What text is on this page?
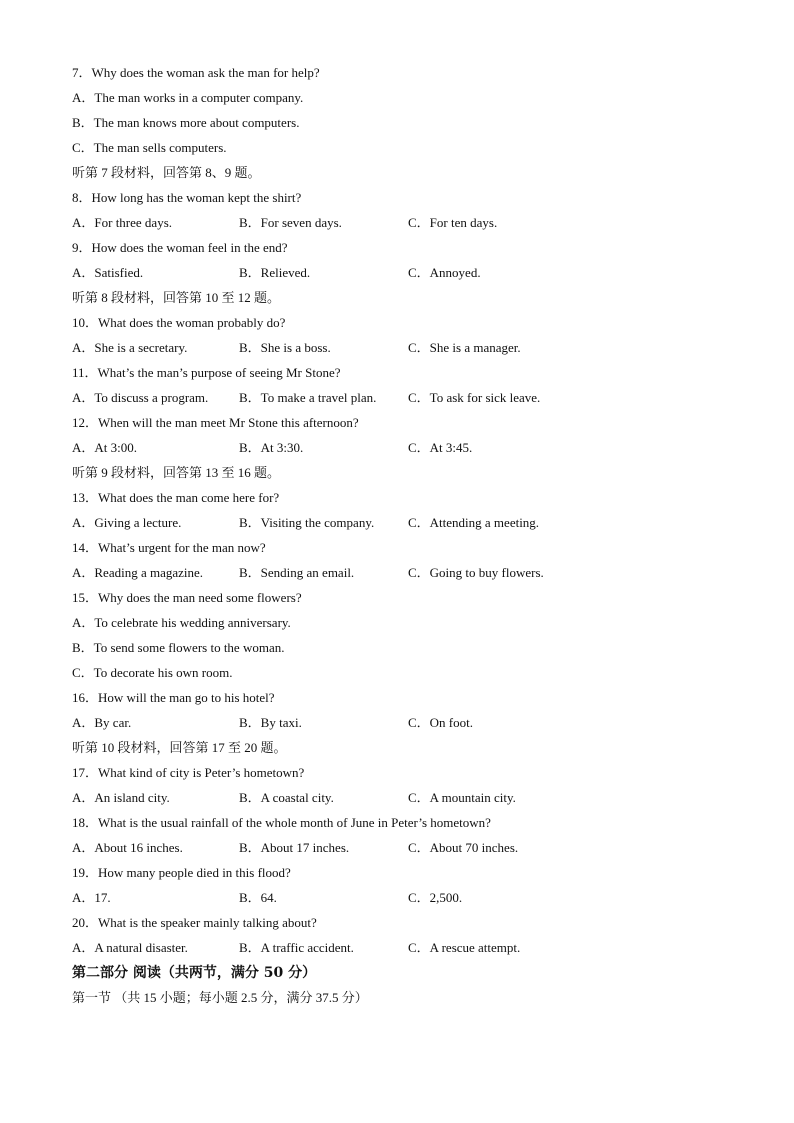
7．Why does the woman ask the man for help?
A．The man works in a computer company.
B．The man knows more about computers.
C．The man sells computers.
听第 7 段材料，回答第 8、9 题。
8．How long has the woman kept the shirt?
A．For three days.	B．For seven days.	C．For ten days.
9．How does the woman feel in the end?
A．Satisfied.	B．Relieved.	C．Annoyed.
听第 8 段材料，回答第 10 至 12 题。
10．What does the woman probably do?
A．She is a secretary.	B．She is a boss.	C．She is a manager.
11．What’s the man’s purpose of seeing Mr Stone?
A．To discuss a program. B．To make a travel plan. C．To ask for sick leave.
12．When will the man meet Mr Stone this afternoon?
A．At 3:00.	B．At 3:30.	C．At 3:45.
听第 9 段材料，回答第 13 至 16 题。
13．What does the man come here for?
A．Giving a lecture.	B．Visiting the company.	C．Attending a meeting.
14．What’s urgent for the man now?
A．Reading a magazine.	B．Sending an email.	C．Going to buy flowers.
15．Why does the man need some flowers?
A．To celebrate his wedding anniversary.
B．To send some flowers to the woman.
C．To decorate his own room.
16．How will the man go to his hotel?
A．By car.	B．By taxi.	C．On foot.
听第 10 段材料，回答第 17 至 20 题。
17．What kind of city is Peter’s hometown?
A．An island city.	B．A coastal city.	C．A mountain city.
18．What is the usual rainfall of the whole month of June in Peter’s hometown?
A．About 16 inches.	B．About 17 inches.	C．About 70 inches.
19．How many people died in this flood?
A．17.	B．64.	C．2,500.
20．What is the speaker mainly talking about?
A．A natural disaster.	B．A traffic accident.	C．A rescue attempt.
第二部分 阅读（共两节，满分 50 分）
第一节 （共 15 小题；每小题 2.5 分，满分 37.5 分）
